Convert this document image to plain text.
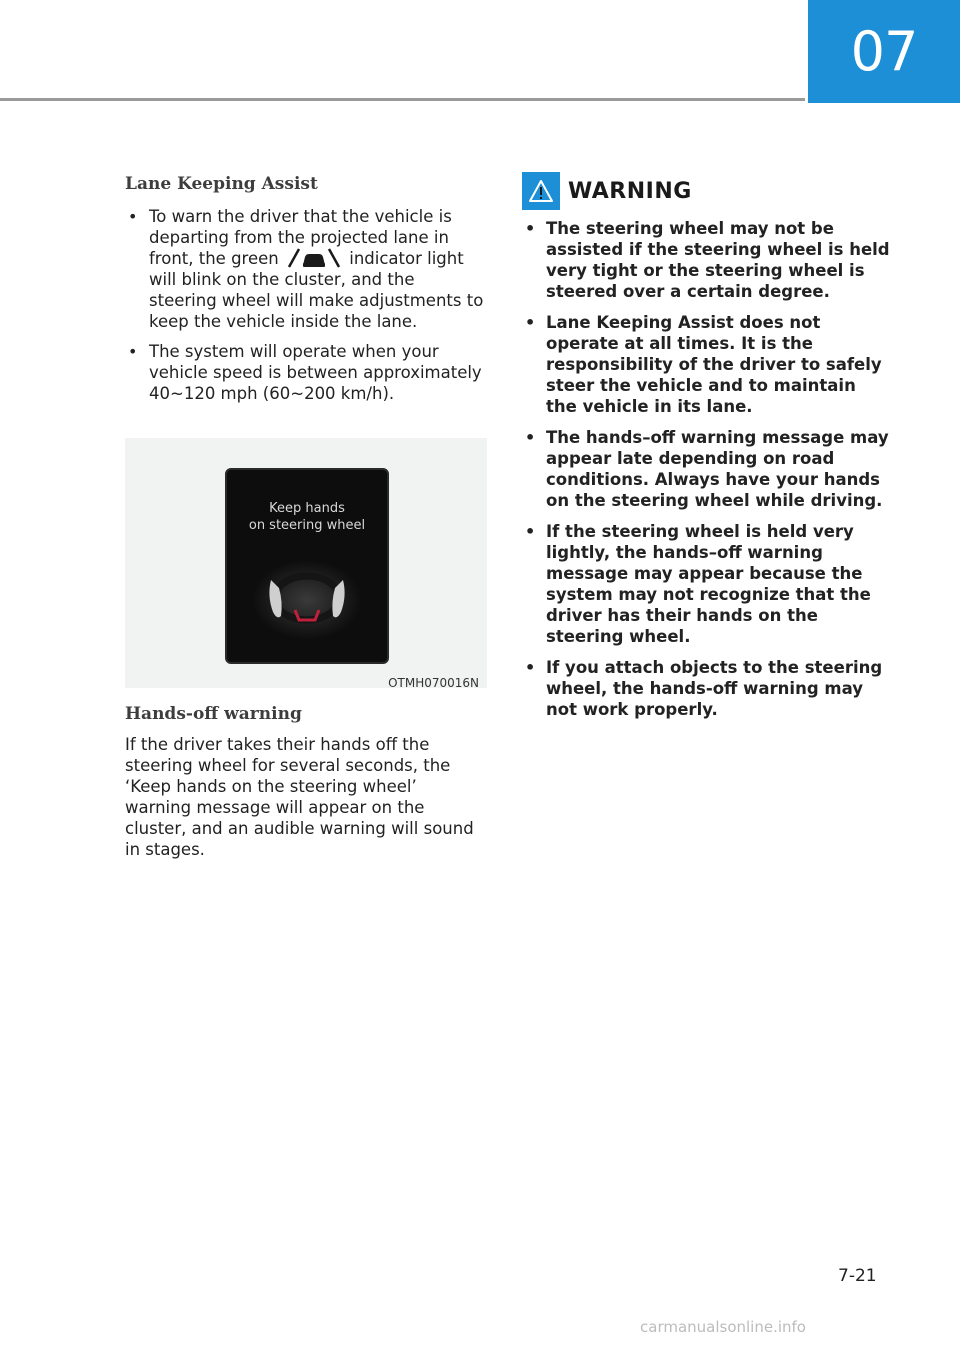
07
Lane Keeping Assist
• To warn the driver that the vehicle is departing from the projected lane in front, the green	indicator light will blink on the cluster, and the steering wheel will make adjustments to keep the vehicle inside the lane.
• The system will operate when your vehicle speed is between approximately 40~120 mph (60~200 km/h).
Keep hands
on steering wheel
OTMH070016N
Hands-off warning

If the driver takes their hands off the steering wheel for several seconds, the ‘Keep hands on the steering wheel’ warning message will appear on the cluster, and an audible warning will sound in stages.

WARNING
• The steering wheel may not be assisted if the steering wheel is held very tight or the steering wheel is steered over a certain degree.
• Lane Keeping Assist does not operate at all times. It is the responsibility of the driver to safely steer the vehicle and to maintain the vehicle in its lane.
• The hands–off warning message may appear late depending on road conditions. Always have your hands on the steering wheel while driving.
• If the steering wheel is held very lightly, the hands–off warning message may appear because the system may not recognize that the driver has their hands on the steering wheel.
• If you attach objects to the steering wheel, the hands-off warning may not work properly.
7-21
carmanualsonline.info
